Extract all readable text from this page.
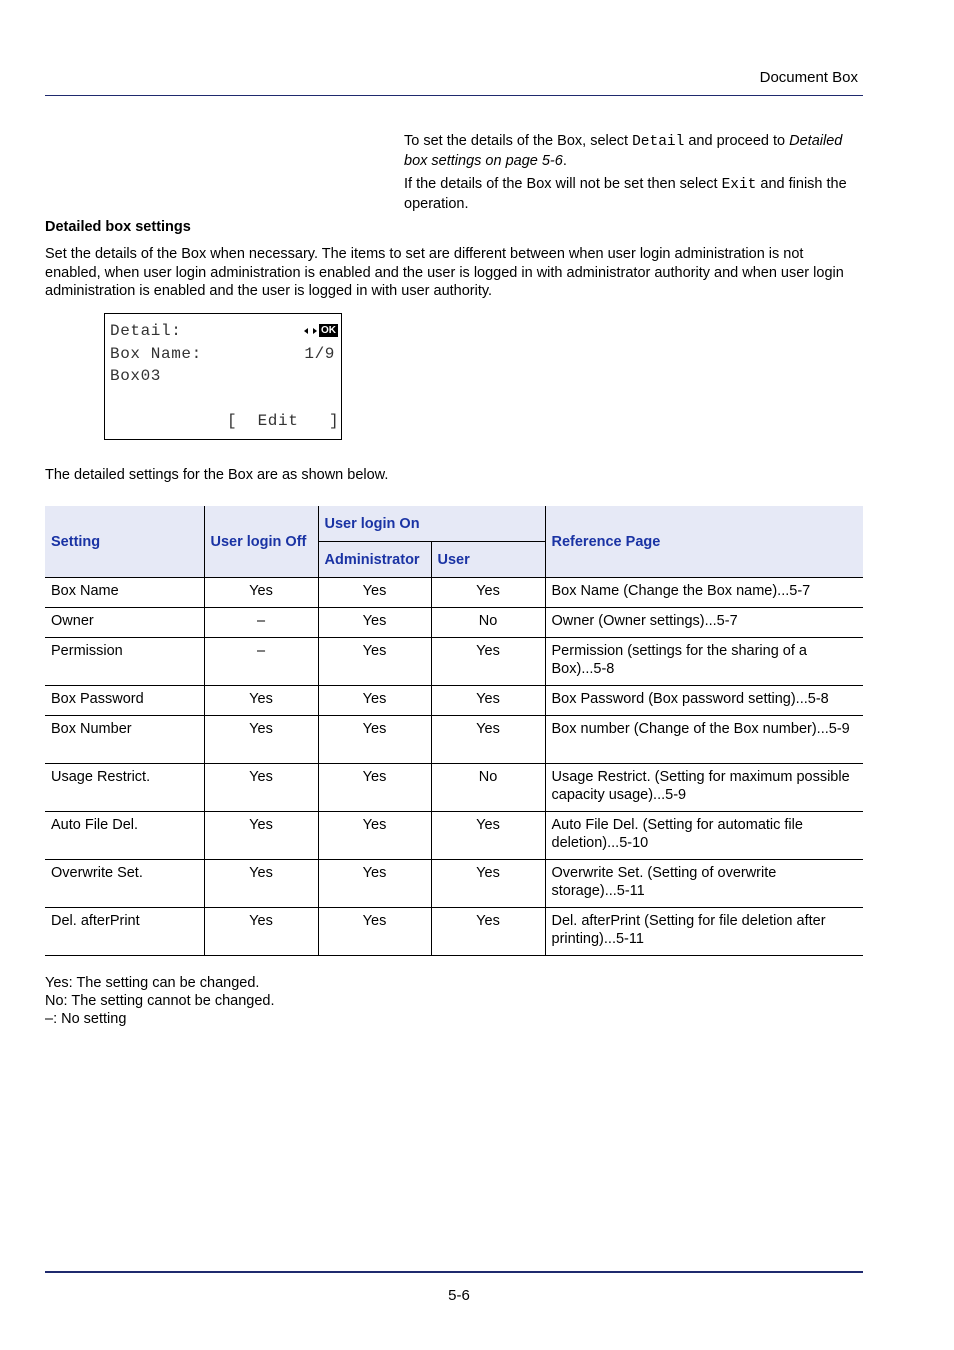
Document Box
To set the details of the Box, select Detail and proceed to Detailed box settings on page 5-6.
If the details of the Box will not be set then select Exit and finish the operation.
Detailed box settings
Set the details of the Box when necessary. The items to set are different between when user login administration is not enabled, when user login administration is enabled and the user is logged in with administrator authority and when user login administration is enabled and the user is logged in with user authority.
Detail:	OK
Box Name:	1/9
Box03
[  Edit   ]
The detailed settings for the Box are as shown below.
Setting	User login Off	User login On		Reference Page
		Administrator	User	
Box Name	Yes	Yes	Yes	Box Name (Change the Box name)...5-7
Owner	–	Yes	No	Owner (Owner settings)...5-7
Permission	–	Yes	Yes	Permission (settings for the sharing of a Box)...5-8
Box Password	Yes	Yes	Yes	Box Password (Box password setting)...5-8
Box Number	Yes	Yes	Yes	Box number (Change of the Box number)...5-9
Usage Restrict.	Yes	Yes	No	Usage Restrict. (Setting for maximum possible capacity usage)...5-9
Auto File Del.	Yes	Yes	Yes	Auto File Del. (Setting for automatic file deletion)...5-10
Overwrite Set.	Yes	Yes	Yes	Overwrite Set. (Setting of overwrite storage)...5-11
Del. afterPrint	Yes	Yes	Yes	Del. afterPrint (Setting for file deletion after printing)...5-11
Yes: The setting can be changed.
No: The setting cannot be changed.
–: No setting
5-6
